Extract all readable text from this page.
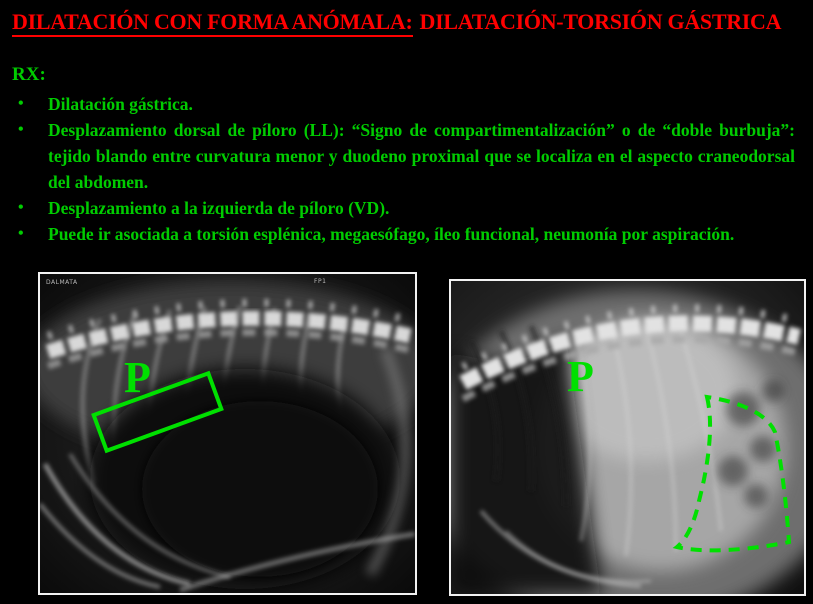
DILATACIÓN CON FORMA ANÓMALA: DILATACIÓN-TORSIÓN GÁSTRICA
RX:
•	Dilatación gástrica.
•	Desplazamiento dorsal de píloro (LL): “Signo de compartimentalización” o de “doble burbuja”: tejido blando entre curvatura menor y duodeno proximal que se localiza en el aspecto craneodorsal del abdomen.
•	Desplazamiento a la izquierda de píloro (VD).
•	Puede ir asociada a torsión esplénica, megaesófago, íleo funcional, neumonía por aspiración.
DALMATA	FP1
P	P
